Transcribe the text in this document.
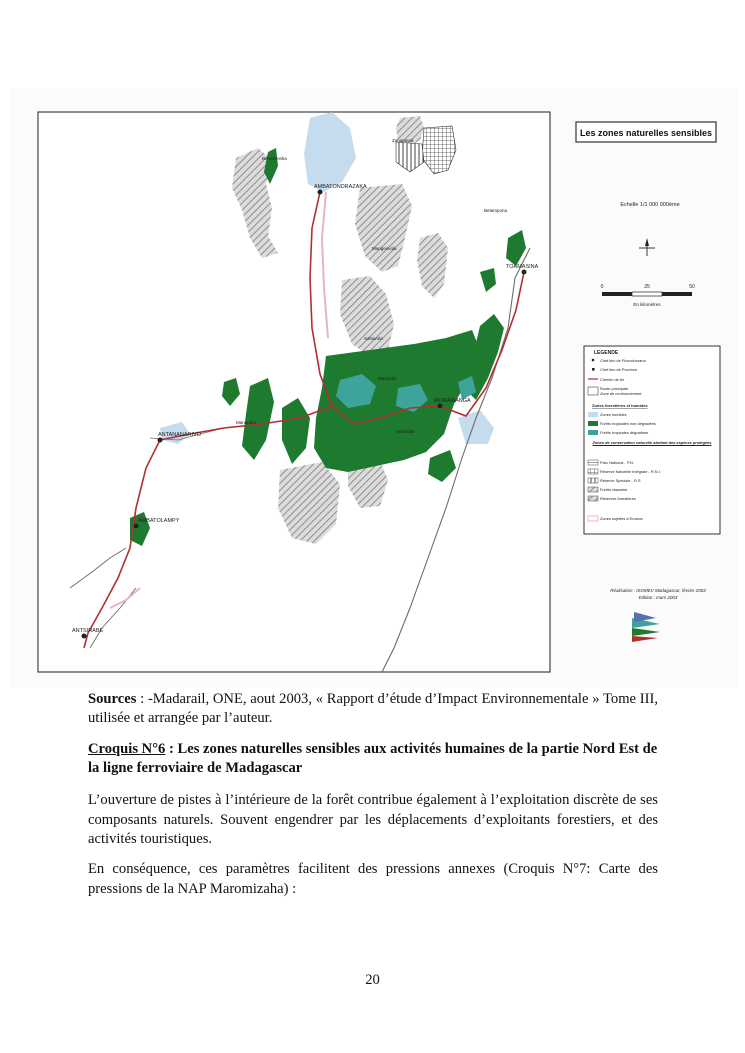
AMBATONDRAZAKA
TOAMASINA
MORAMANGA
ANTANANARIVO
AMBATOLAMPY
ANTSIRABE
Zahamena
Mangerivola
Betampona
Bemanevika
Andasibe
Mantadia
Sahavola
Mandraka
Les zones naturelles sensibles
Echelle 1/1 000 000ème
0	25	50
En kilomètres
LEGENDE
Chef lieu de Fivondronana
Chef lieu de Province
Chemin de fer
Route principale
Zone de contournement
Zones forestières et humides
Zones humides
Forêts tropicales non dégradées
Forêts tropicales dégradées
Zones de conservation naturelle abritant des espèces protégées
Parc National - P.N.
Réserve Naturelle Intégrale - R.N.I.
Réserve Spéciale - R.S.
Forêts classées
Réserves forestières
Zones sujettes à Erosion
Réalisation : ISOMEV Madagascar, février 2003
Edition : mars 2003
Sources : -Madarail, ONE, aout 2003, « Rapport d’étude d’Impact Environnementale » Tome III, utilisée et arrangée par l’auteur.
Croquis N°6 : Les zones naturelles sensibles aux activités humaines de la partie Nord Est de la ligne ferroviaire de Madagascar

L’ouverture de pistes à l’intérieure de la forêt contribue également à l’exploitation discrète de ses composants naturels. Souvent engendrer par les déplacements d’exploitants forestiers, et des activités touristiques.

En conséquence, ces paramètres facilitent des pressions annexes (Croquis N°7: Carte des pressions de la NAP Maromizaha) :

20
